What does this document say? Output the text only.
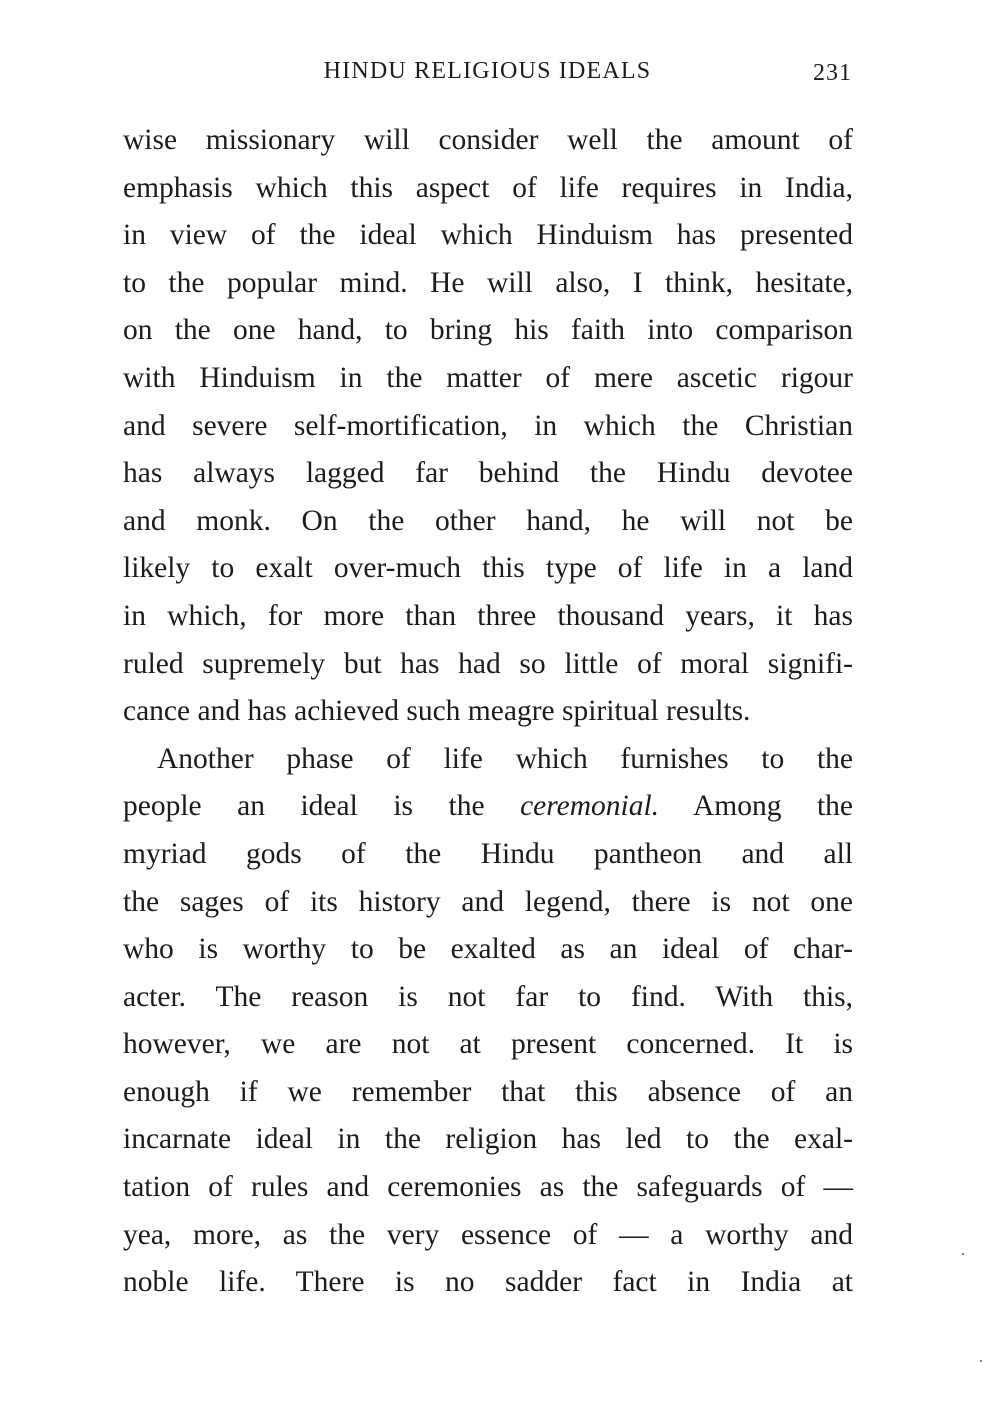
HINDU RELIGIOUS IDEALS	231
wise missionary will consider well the amount of
emphasis which this aspect of life requires in India,
in view of the ideal which Hinduism has presented
to the popular mind. He will also, I think, hesitate,
on the one hand, to bring his faith into comparison
with Hinduism in the matter of mere ascetic rigour
and severe self-mortification, in which the Christian
has always lagged far behind the Hindu devotee
and monk. On the other hand, he will not be
likely to exalt over-much this type of life in a land
in which, for more than three thousand years, it has
ruled supremely but has had so little of moral signifi-
cance and has achieved such meagre spiritual results.
Another phase of life which furnishes to the
people an ideal is the ceremonial. Among the
myriad gods of the Hindu pantheon and all
the sages of its history and legend, there is not one
who is worthy to be exalted as an ideal of char-
acter. The reason is not far to find. With this,
however, we are not at present concerned. It is
enough if we remember that this absence of an
incarnate ideal in the religion has led to the exal-
tation of rules and ceremonies as the safeguards of —
yea, more, as the very essence of — a worthy and
noble life. There is no sadder fact in India at
